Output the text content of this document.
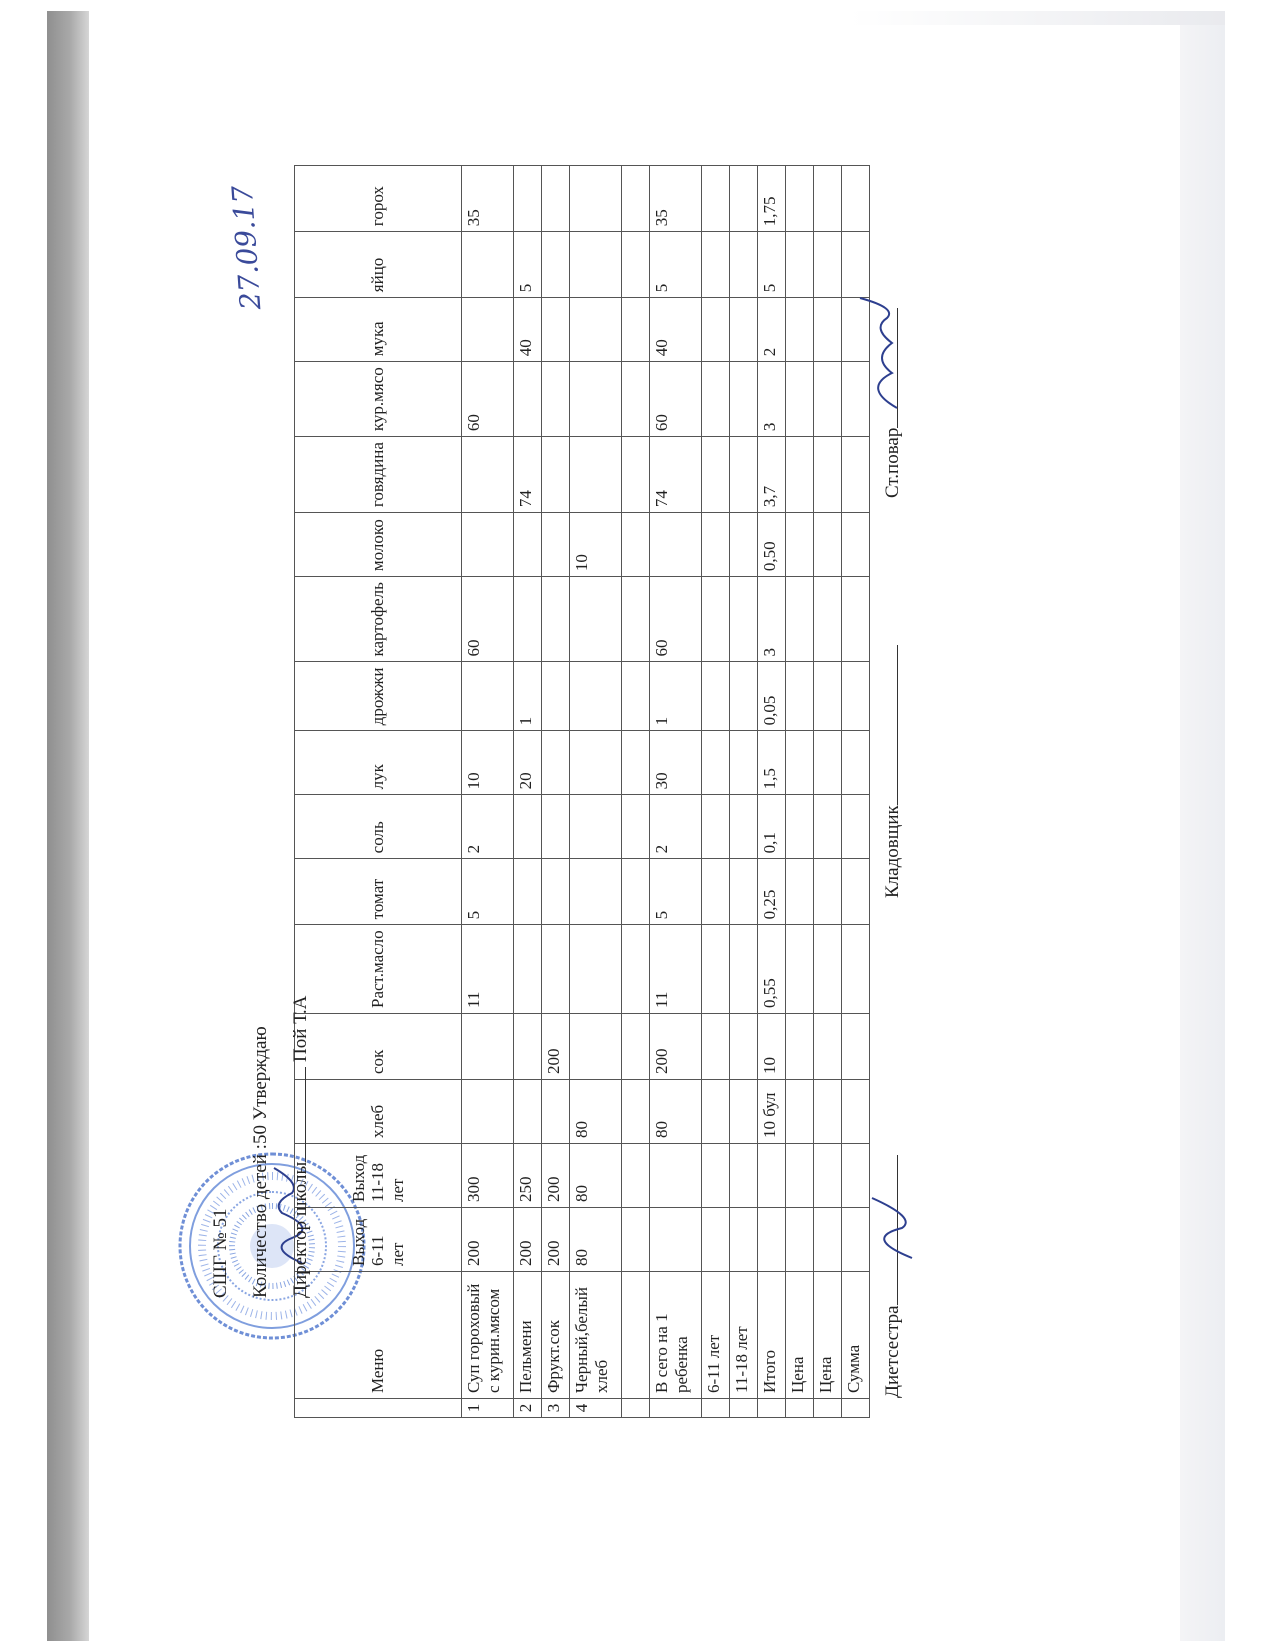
СШГ № 51 Количество детей :50 Утверждаю Директор школы Пой Т.А
27.09.17
	Меню	Выход 6-11 лет	Выход 11-18 лет	хлеб	сок	Раст.масло	томат	соль	лук	дрожжи	картофель	молоко	говядина	кур.мясо	мука	яйцо	горох
1	Суп гороховый с курин.мясом	200	300			11	5	2	10		60			60			35
2	Пельмени	200	250						20	1			74		40	5	
3	Фрукт.сок	200	200		200												
4	Черный,белый хлеб	80	80	80								10					

	В сего на 1 ребенка			80	200	11	5	2	30	1	60		74	60	40	5	35
	6-11 лет																
	11-18 лет																
	Итого			10 бул	10	0,55	0,25	0,1	1,5	0,05	3	0,50	3,7	3	2	5	1,75
	Цена																
	Цена																
	Сумма																Диетсестра
Кладовщик
Ст.повар
